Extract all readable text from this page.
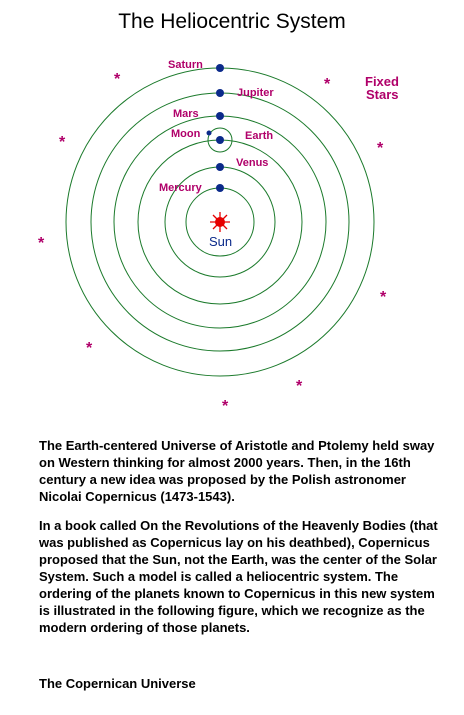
The Heliocentric System
Sun
Saturn
Jupiter
Mars
Moon	Earth
Venus
Mercury
Fixed
Stars
*	*
*	*
*
*
*
*
*

The Earth-centered Universe of Aristotle and Ptolemy held sway on Western thinking for almost 2000 years. Then, in the 16th century a new idea was proposed by the Polish astronomer Nicolai Copernicus (1473-1543).

In a book called On the Revolutions of the Heavenly Bodies (that was published as Copernicus lay on his deathbed), Copernicus proposed that the Sun, not the Earth, was the center of the Solar System. Such a model is called a heliocentric system. The ordering of the planets known to Copernicus in this new system is illustrated in the following figure, which we recognize as the modern ordering of those planets.

The Copernican Universe
